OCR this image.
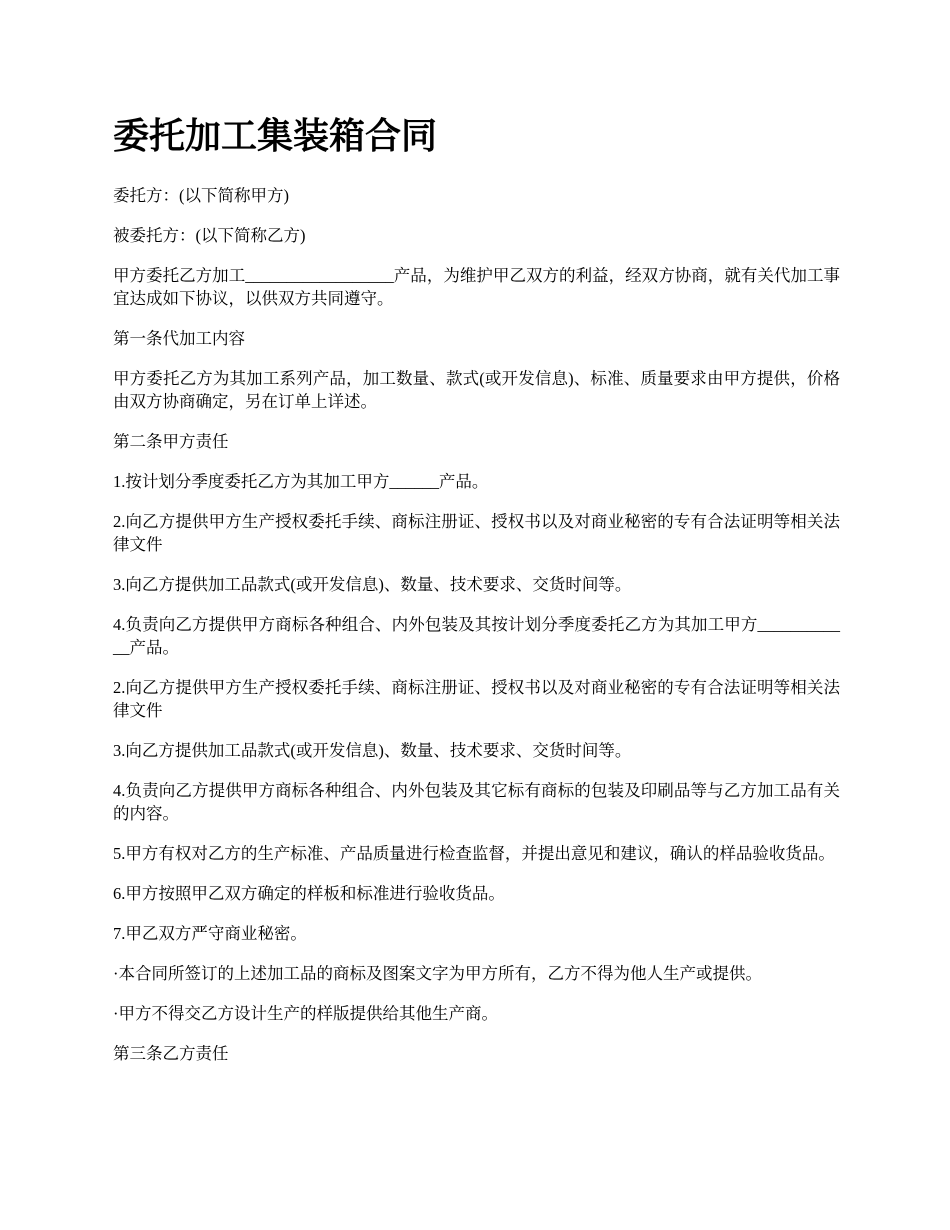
委托加工集装箱合同

委托方：(以下简称甲方)

被委托方：(以下简称乙方)

甲方委托乙方加工__________________产品，为维护甲乙双方的利益，经双方协商，就有关代加工事宜达成如下协议，以供双方共同遵守。

第一条代加工内容

甲方委托乙方为其加工系列产品，加工数量、款式(或开发信息)、标准、质量要求由甲方提供，价格由双方协商确定，另在订单上详述。

第二条甲方责任

1.按计划分季度委托乙方为其加工甲方______产品。

2.向乙方提供甲方生产授权委托手续、商标注册证、授权书以及对商业秘密的专有合法证明等相关法律文件

3.向乙方提供加工品款式(或开发信息)、数量、技术要求、交货时间等。

4.负责向乙方提供甲方商标各种组合、内外包装及其按计划分季度委托乙方为其加工甲方____________产品。

2.向乙方提供甲方生产授权委托手续、商标注册证、授权书以及对商业秘密的专有合法证明等相关法律文件

3.向乙方提供加工品款式(或开发信息)、数量、技术要求、交货时间等。

4.负责向乙方提供甲方商标各种组合、内外包装及其它标有商标的包装及印刷品等与乙方加工品有关的内容。

5.甲方有权对乙方的生产标准、产品质量进行检查监督，并提出意见和建议，确认的样品验收货品。

6.甲方按照甲乙双方确定的样板和标准进行验收货品。

7.甲乙双方严守商业秘密。

·本合同所签订的上述加工品的商标及图案文字为甲方所有，乙方不得为他人生产或提供。

·甲方不得交乙方设计生产的样版提供给其他生产商。

第三条乙方责任
